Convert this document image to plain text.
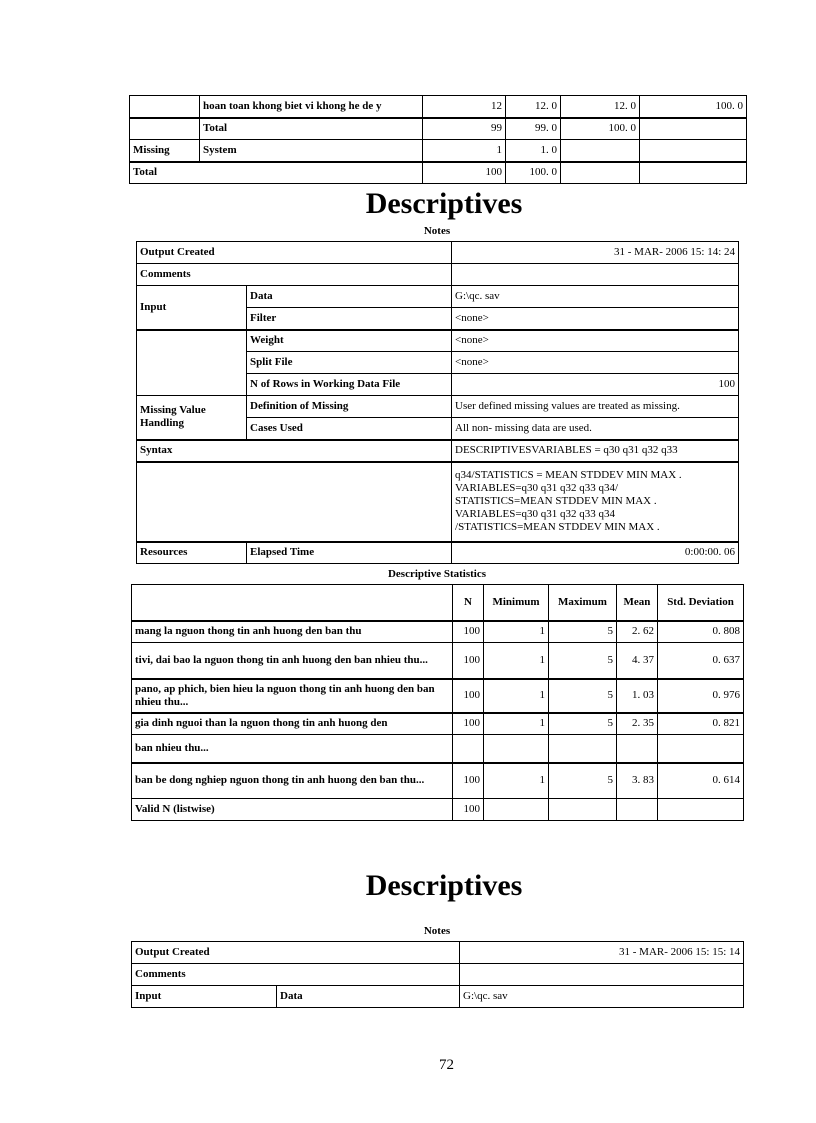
	hoan toan khong biet vi khong he de y	12	12. 0	12. 0	100. 0
	Total	99	99. 0	100. 0	
Missing	System	1	1. 0		
Total		100	100. 0		
Descriptives
Notes
Output Created		31 - MAR- 2006 15: 14: 24
Comments		
Input	Data	G:\qc. sav
	Filter	<none>
	Weight	<none>
	Split File	<none>
	N of Rows in Working Data File	100
Missing Value Handling	Definition of Missing	User defined missing values are treated as missing.
	Cases Used	All non- missing data are used.
Syntax		DESCRIPTIVESVARIABLES = q30 q31 q32 q33
		q34/STATISTICS = MEAN STDDEV MIN MAX .
VARIABLES=q30 q31 q32 q33 q34/
STATISTICS=MEAN STDDEV MIN MAX .
VARIABLES=q30 q31 q32 q33 q34
/STATISTICS=MEAN STDDEV MIN MAX .
Resources	Elapsed Time	0:00:00. 06
Descriptive Statistics
	N	Minimum	Maximum	Mean	Std. Deviation
mang la nguon thong tin anh huong den ban thu	100	1	5	2. 62	0. 808
tivi, dai bao la nguon thong tin anh huong den ban nhieu thu...	100	1	5	4. 37	0. 637
pano, ap phich, bien hieu la nguon thong tin anh huong den ban nhieu thu...	100	1	5	1. 03	0. 976
gia dinh nguoi than la nguon thong tin anh huong den	100	1	5	2. 35	0. 821
ban nhieu thu...					
ban be dong nghiep nguon thong tin anh huong den ban thu...	100	1	5	3. 83	0. 614
Valid N (listwise)	100				
Descriptives
Notes
Output Created		31 - MAR- 2006 15: 15: 14
Comments		
Input	Data	G:\qc. sav
72
